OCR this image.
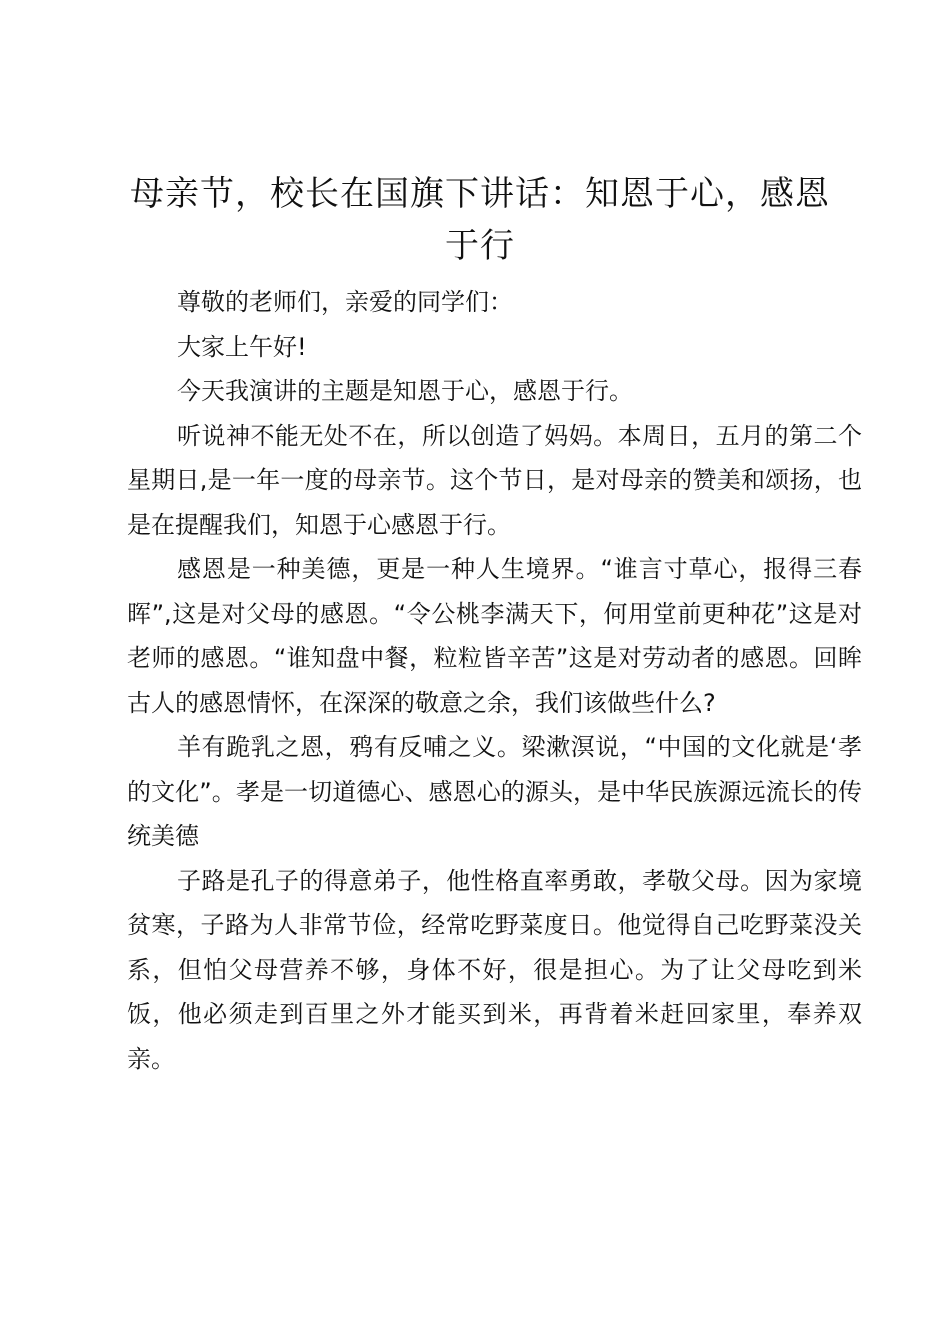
母亲节，校长在国旗下讲话：知恩于心，感恩于行

尊敬的老师们，亲爱的同学们：

大家上午好!

今天我演讲的主题是知恩于心，感恩于行。

听说神不能无处不在，所以创造了妈妈。本周日，五月的第二个星期日,是一年一度的母亲节。这个节日，是对母亲的赞美和颂扬，也是在提醒我们，知恩于心感恩于行。

感恩是一种美德，更是一种人生境界。“谁言寸草心，报得三春晖”,这是对父母的感恩。“令公桃李满天下，何用堂前更种花”这是对老师的感恩。“谁知盘中餐，粒粒皆辛苦”这是对劳动者的感恩。回眸古人的感恩情怀，在深深的敬意之余，我们该做些什么?

羊有跪乳之恩，鸦有反哺之义。梁漱溟说，“中国的文化就是‘孝的文化”。孝是一切道德心、感恩心的源头，是中华民族源远流长的传统美德

子路是孔子的得意弟子，他性格直率勇敢，孝敬父母。因为家境贫寒，子路为人非常节俭，经常吃野菜度日。他觉得自己吃野菜没关系，但怕父母营养不够，身体不好，很是担心。为了让父母吃到米饭，他必须走到百里之外才能买到米，再背着米赶回家里，奉养双亲。
